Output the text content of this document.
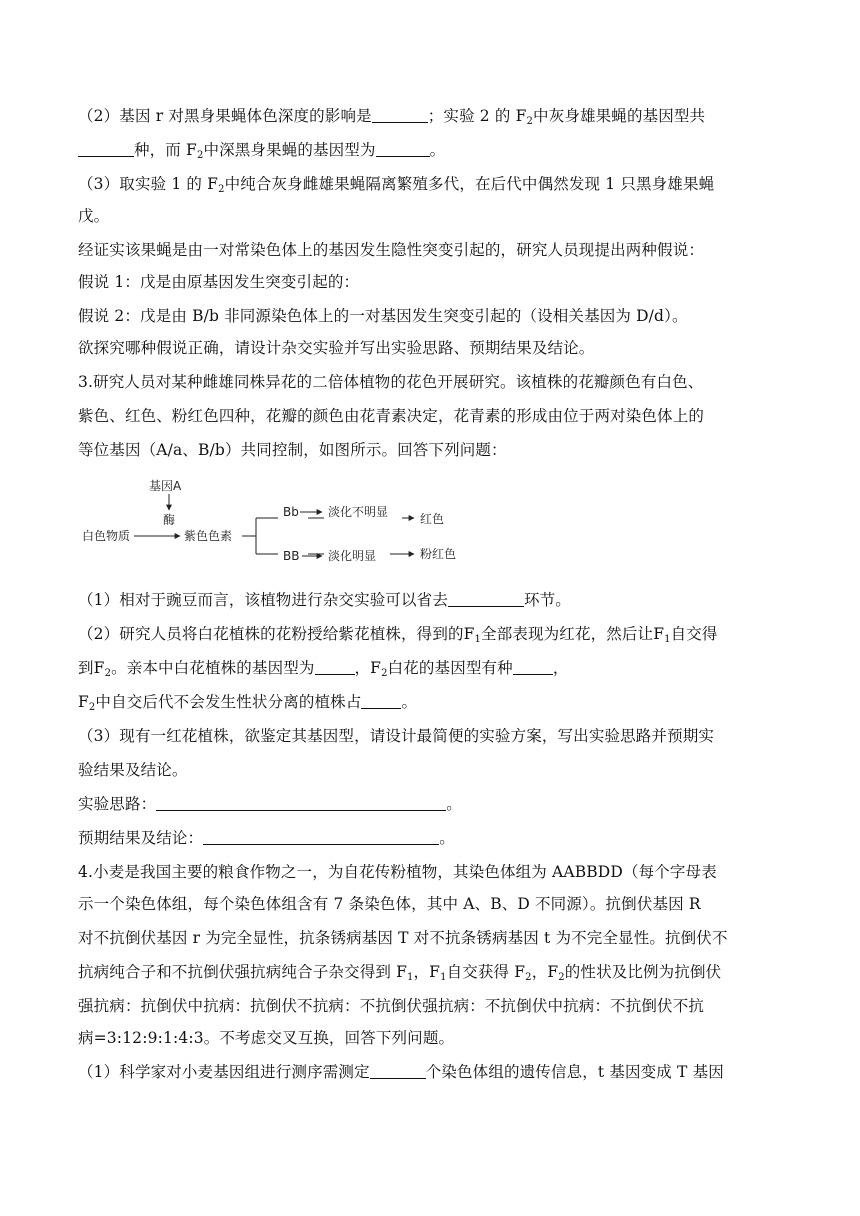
（2）基因 r 对黑身果蝇体色深度的影响是	；实验 2 的 $F_2$中灰身雄果蝇的基因型共
种，而 $F_2$中深黑身果蝇的基因型为	。
（3）取实验 1 的 $F_2$中纯合灰身雌雄果蝇隔离繁殖多代，在后代中偶然发现 1 只黑身雄果蝇
戊。
经证实该果蝇是由一对常染色体上的基因发生隐性突变引起的，研究人员现提出两种假说：
假说 1：戊是由原基因发生突变引起的：
假说 2：戊是由 B/b 非同源染色体上的一对基因发生突变引起的（设相关基因为 D/d）。
欲探究哪种假说正确，请设计杂交实验并写出实验思路、预期结果及结论。
3.研究人员对某种雌雄同株异花的二倍体植物的花色开展研究。该植株的花瓣颜色有白色、
紫色、红色、粉红色四种，花瓣的颜色由花青素决定，花青素的形成由位于两对染色体上的
等位基因（A/a、B/b）共同控制，如图所示。回答下列问题：
基因A
酶
白色物质	紫色色素
Bb 淡化不明显	红色
BB 淡化明显	粉红色
（1）相对于豌豆而言，该植物进行杂交实验可以省去	环节。
（2）研究人员将白花植株的花粉授给紫花植株，得到的$F_1$全部表现为红花，然后让$F_1$自交得
到$F_2$。亲本中白花植株的基因型为	，$F_2$白花的基因型有种	，
$F_2$中自交后代不会发生性状分离的植株占	。
（3）现有一红花植株，欲鉴定其基因型，请设计最简便的实验方案，写出实验思路并预期实
验结果及结论。
实验思路：	。
预期结果及结论：	。
4.小麦是我国主要的粮食作物之一，为自花传粉植物，其染色体组为 AABBDD（每个字母表
示一个染色体组，每个染色体组含有 7 条染色体，其中 A、B、D 不同源）。抗倒伏基因 R
对不抗倒伏基因 r 为完全显性，抗条锈病基因 T 对不抗条锈病基因 t 为不完全显性。抗倒伏不
抗病纯合子和不抗倒伏强抗病纯合子杂交得到 $F_1$，$F_1$自交获得 $F_2$，$F_2$的性状及比例为抗倒伏
强抗病：抗倒伏中抗病：抗倒伏不抗病：不抗倒伏强抗病：不抗倒伏中抗病：不抗倒伏不抗
病=3:12:9:1:4:3。不考虑交叉互换，回答下列问题。
（1）科学家对小麦基因组进行测序需测定	个染色体组的遗传信息，t 基因变成 T 基因
